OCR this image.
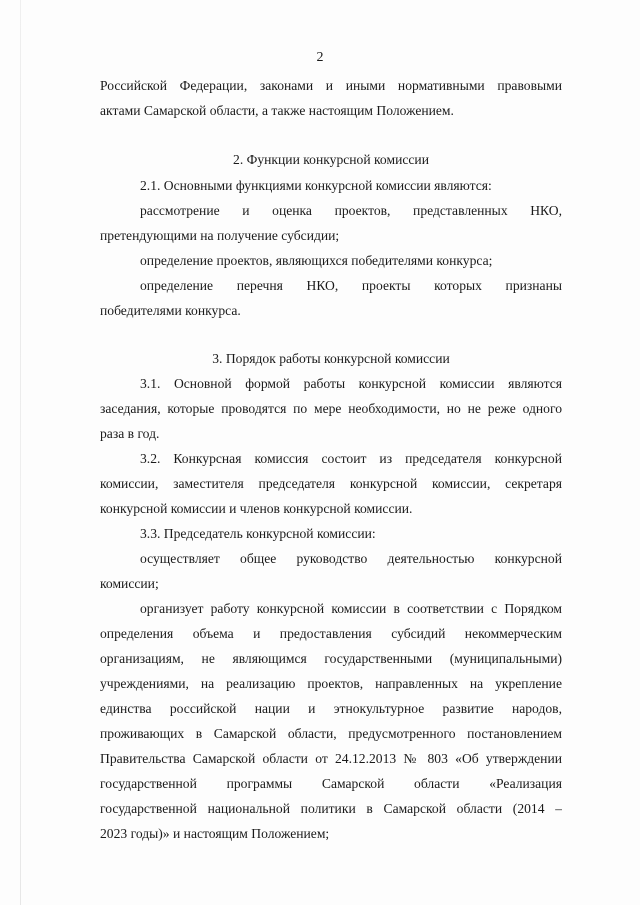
2
Российской Федерации, законами и иными нормативными правовыми
актами Самарской области, а также настоящим Положением.
2. Функции конкурсной комиссии
2.1. Основными функциями конкурсной комиссии являются:
рассмотрение и оценка проектов, представленных НКО,
претендующими на получение субсидии;
определение проектов, являющихся победителями конкурса;
определение перечня НКО, проекты которых признаны
победителями конкурса.
3. Порядок работы конкурсной комиссии
3.1. Основной формой работы конкурсной комиссии являются
заседания, которые проводятся по мере необходимости, но не реже одного
раза в год.
3.2. Конкурсная комиссия состоит из председателя конкурсной
комиссии, заместителя председателя конкурсной комиссии, секретаря
конкурсной комиссии и членов конкурсной комиссии.
3.3. Председатель конкурсной комиссии:
осуществляет общее руководство деятельностью конкурсной
комиссии;
организует работу конкурсной комиссии в соответствии с Порядком
определения объема и предоставления субсидий некоммерческим
организациям, не являющимся государственными (муниципальными)
учреждениями, на реализацию проектов, направленных на укрепление
единства российской нации и этнокультурное развитие народов,
проживающих в Самарской области, предусмотренного постановлением
Правительства Самарской области от 24.12.2013 № 803 «Об утверждении
государственной программы Самарской области «Реализация
государственной национальной политики в Самарской области (2014 –
2023 годы)» и настоящим Положением;
